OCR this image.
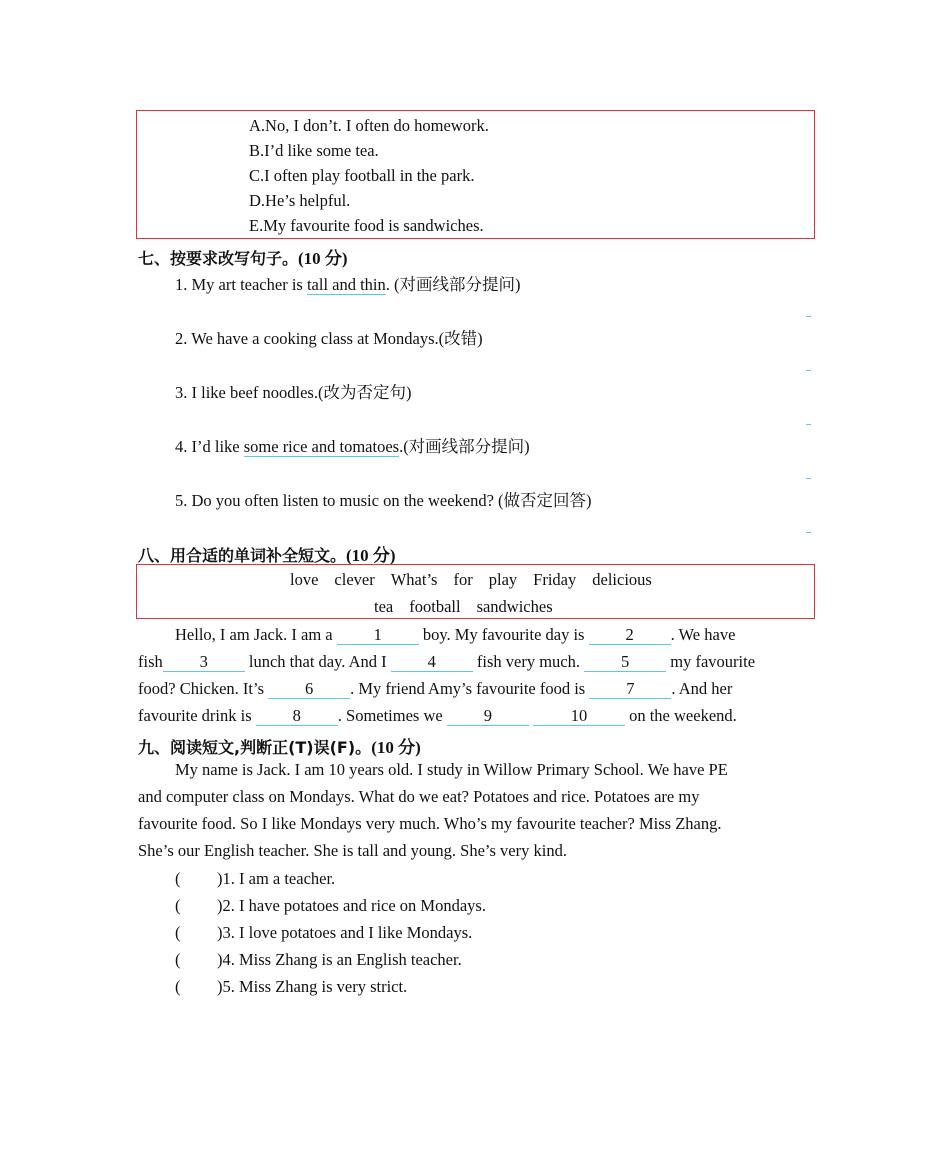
A.No, I don’t. I often do homework.
B.I’d like some tea.
C.I often play football in the park.
D.He’s helpful.
E.My favourite food is sandwiches.
七、按要求改写句子。(10 分)
1. My art teacher is tall and thin. (对画线部分提问)
2. We have a cooking class at Mondays.(改错)
3. I like beef noodles.(改为否定句)
4. I’d like some rice and tomatoes.(对画线部分提问)
5. Do you often listen to music on the weekend? (做否定回答)
八、用合适的单词补全短文。(10 分)
love clever What’s for play Friday delicious
tea football sandwiches
Hello, I am Jack. I am a 1 boy. My favourite day is 2 . We have
fish 3 lunch that day. And I 4 fish very much. 5 my favourite
food? Chicken. It’s 6 . My friend Amy’s favourite food is 7 . And her
favourite drink is 8 . Sometimes we 9	10 on the weekend.
九、阅读短文,判断正(T)误(F)。(10 分)
My name is Jack. I am 10 years old. I study in Willow Primary School. We have PE
and computer class on Mondays. What do we eat? Potatoes and rice. Potatoes are my
favourite food. So I like Mondays very much. Who’s my favourite teacher? Miss Zhang.
She’s our English teacher. She is tall and young. She’s very kind.
( )1. I am a teacher.
( )2. I have potatoes and rice on Mondays.
( )3. I love potatoes and I like Mondays.
( )4. Miss Zhang is an English teacher.
( )5. Miss Zhang is very strict.
